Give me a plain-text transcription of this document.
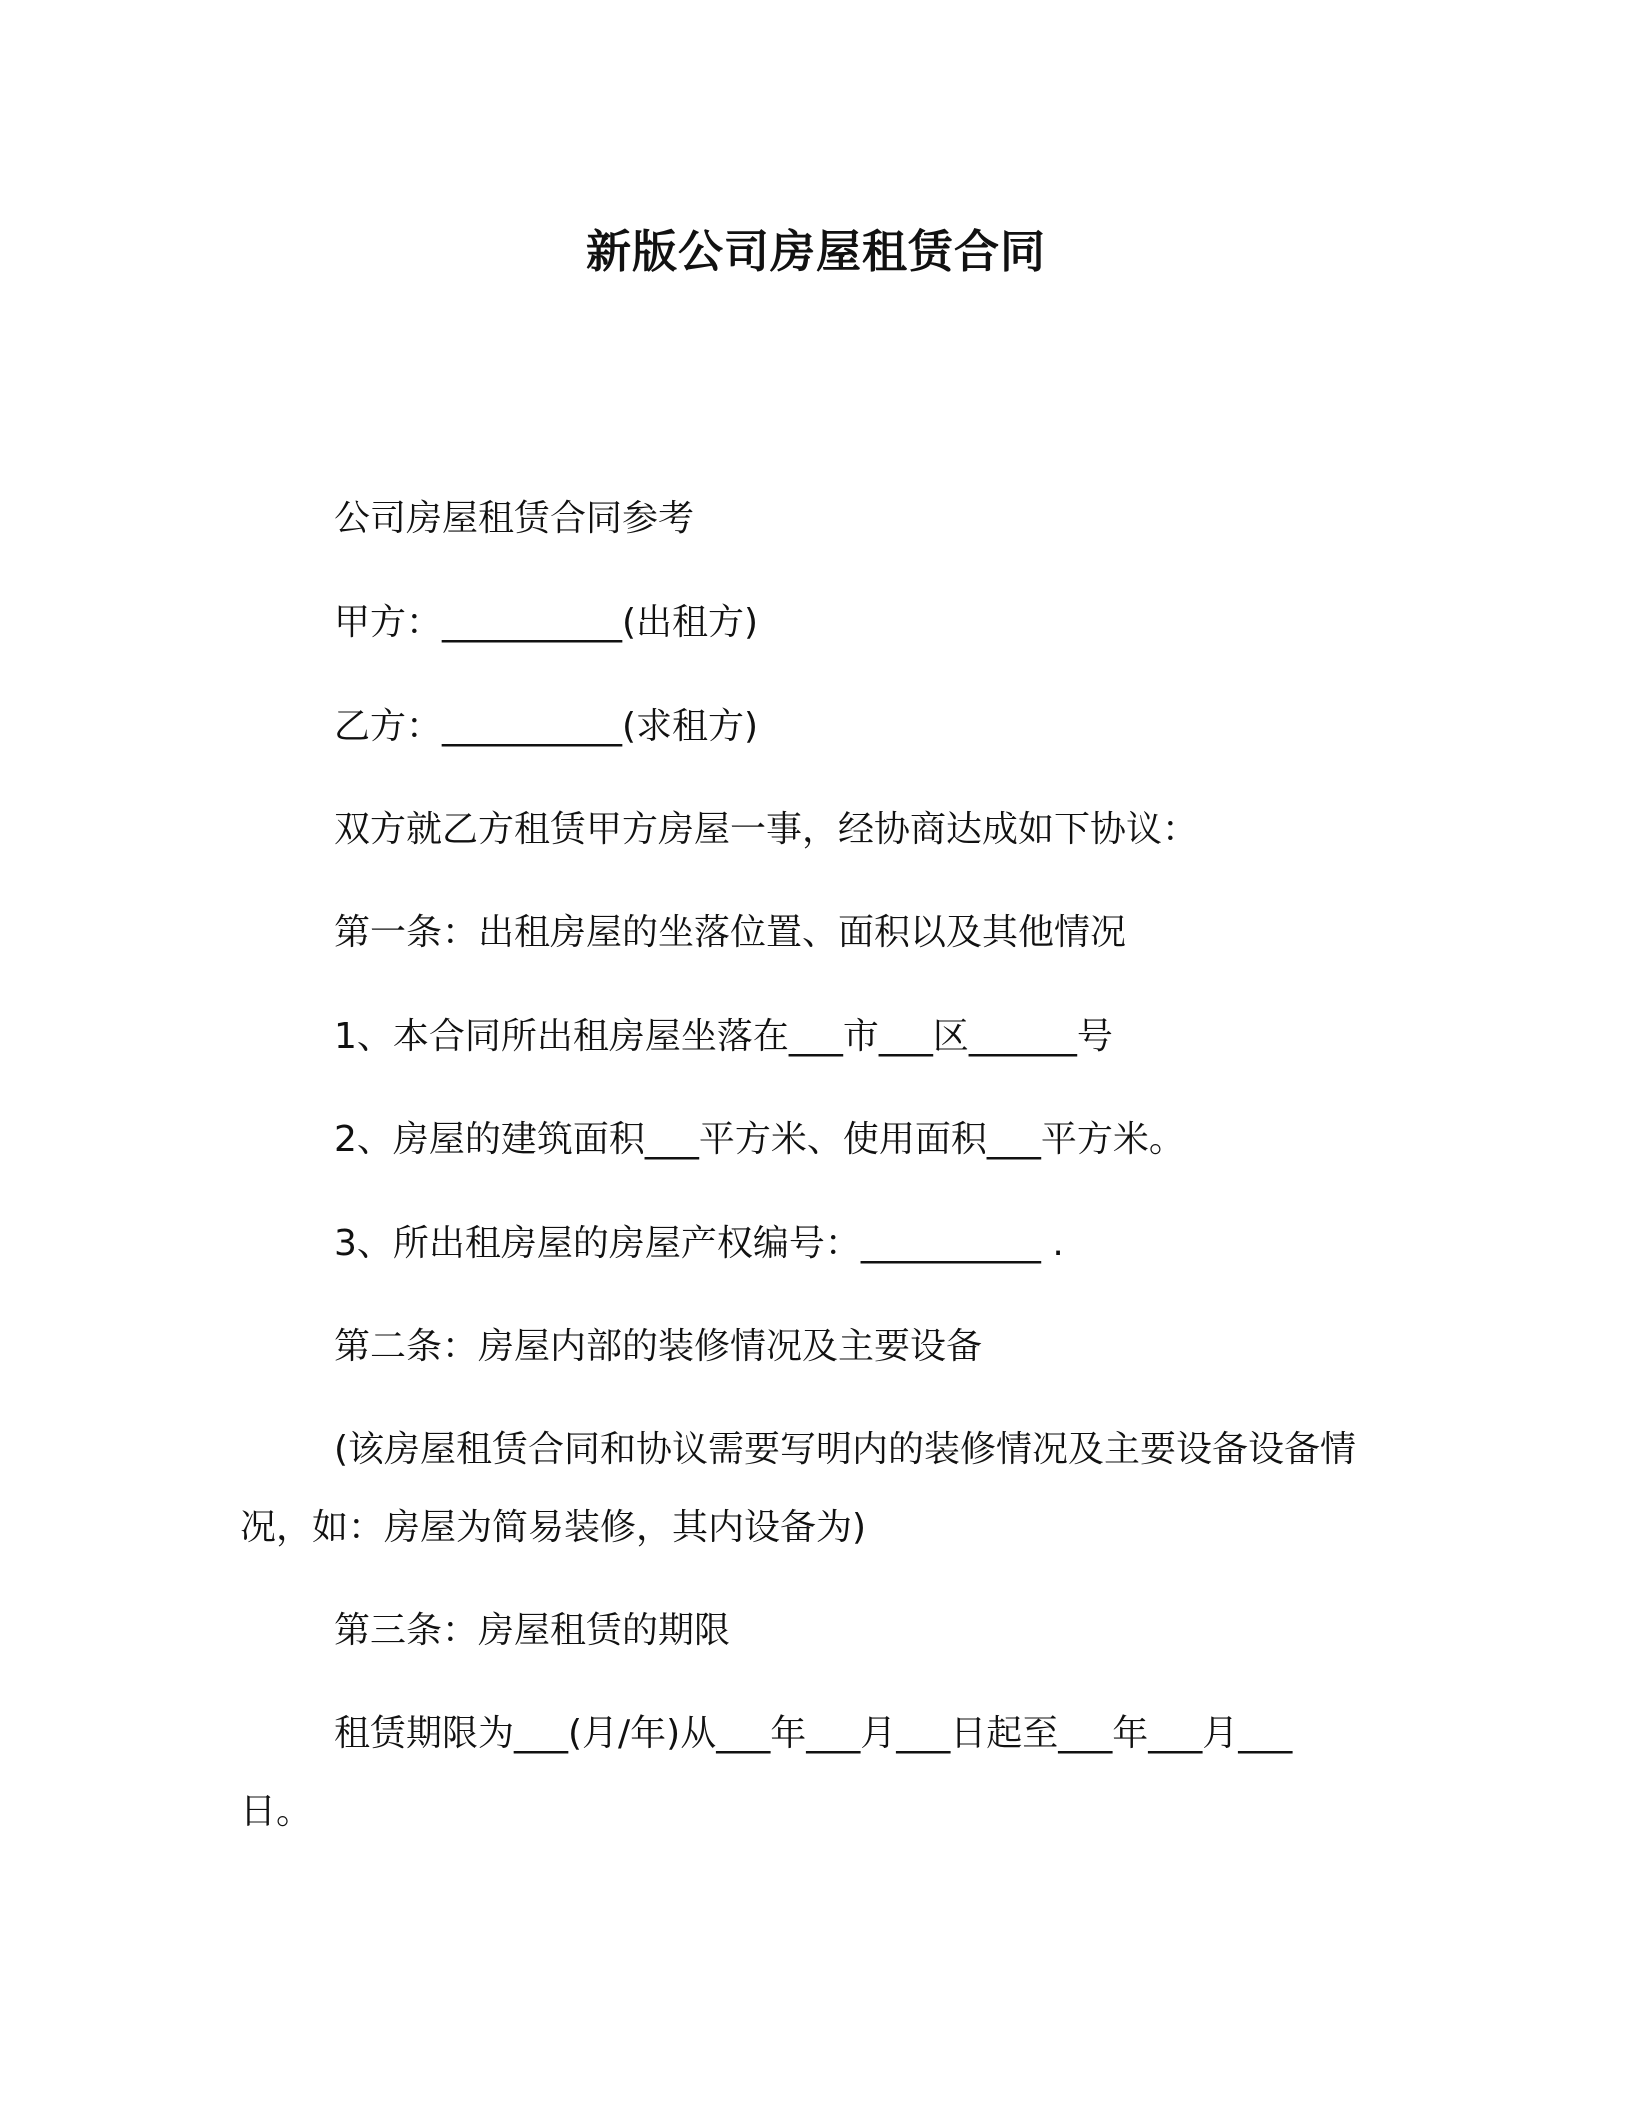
新版公司房屋租赁合同
公司房屋租赁合同参考
甲方：__________(出租方)
乙方：__________(求租方)
双方就乙方租赁甲方房屋一事，经协商达成如下协议：
第一条：出租房屋的坐落位置、面积以及其他情况
1、本合同所出租房屋坐落在___市___区______号
2、房屋的建筑面积___平方米、使用面积___平方米。
3、所出租房屋的房屋产权编号：__________ .
第二条：房屋内部的装修情况及主要设备
(该房屋租赁合同和协议需要写明内的装修情况及主要设备设备情况，如：房屋为简易装修，其内设备为)
第三条：房屋租赁的期限
租赁期限为___(月/年)从___年___月___日起至___年___月___日。
